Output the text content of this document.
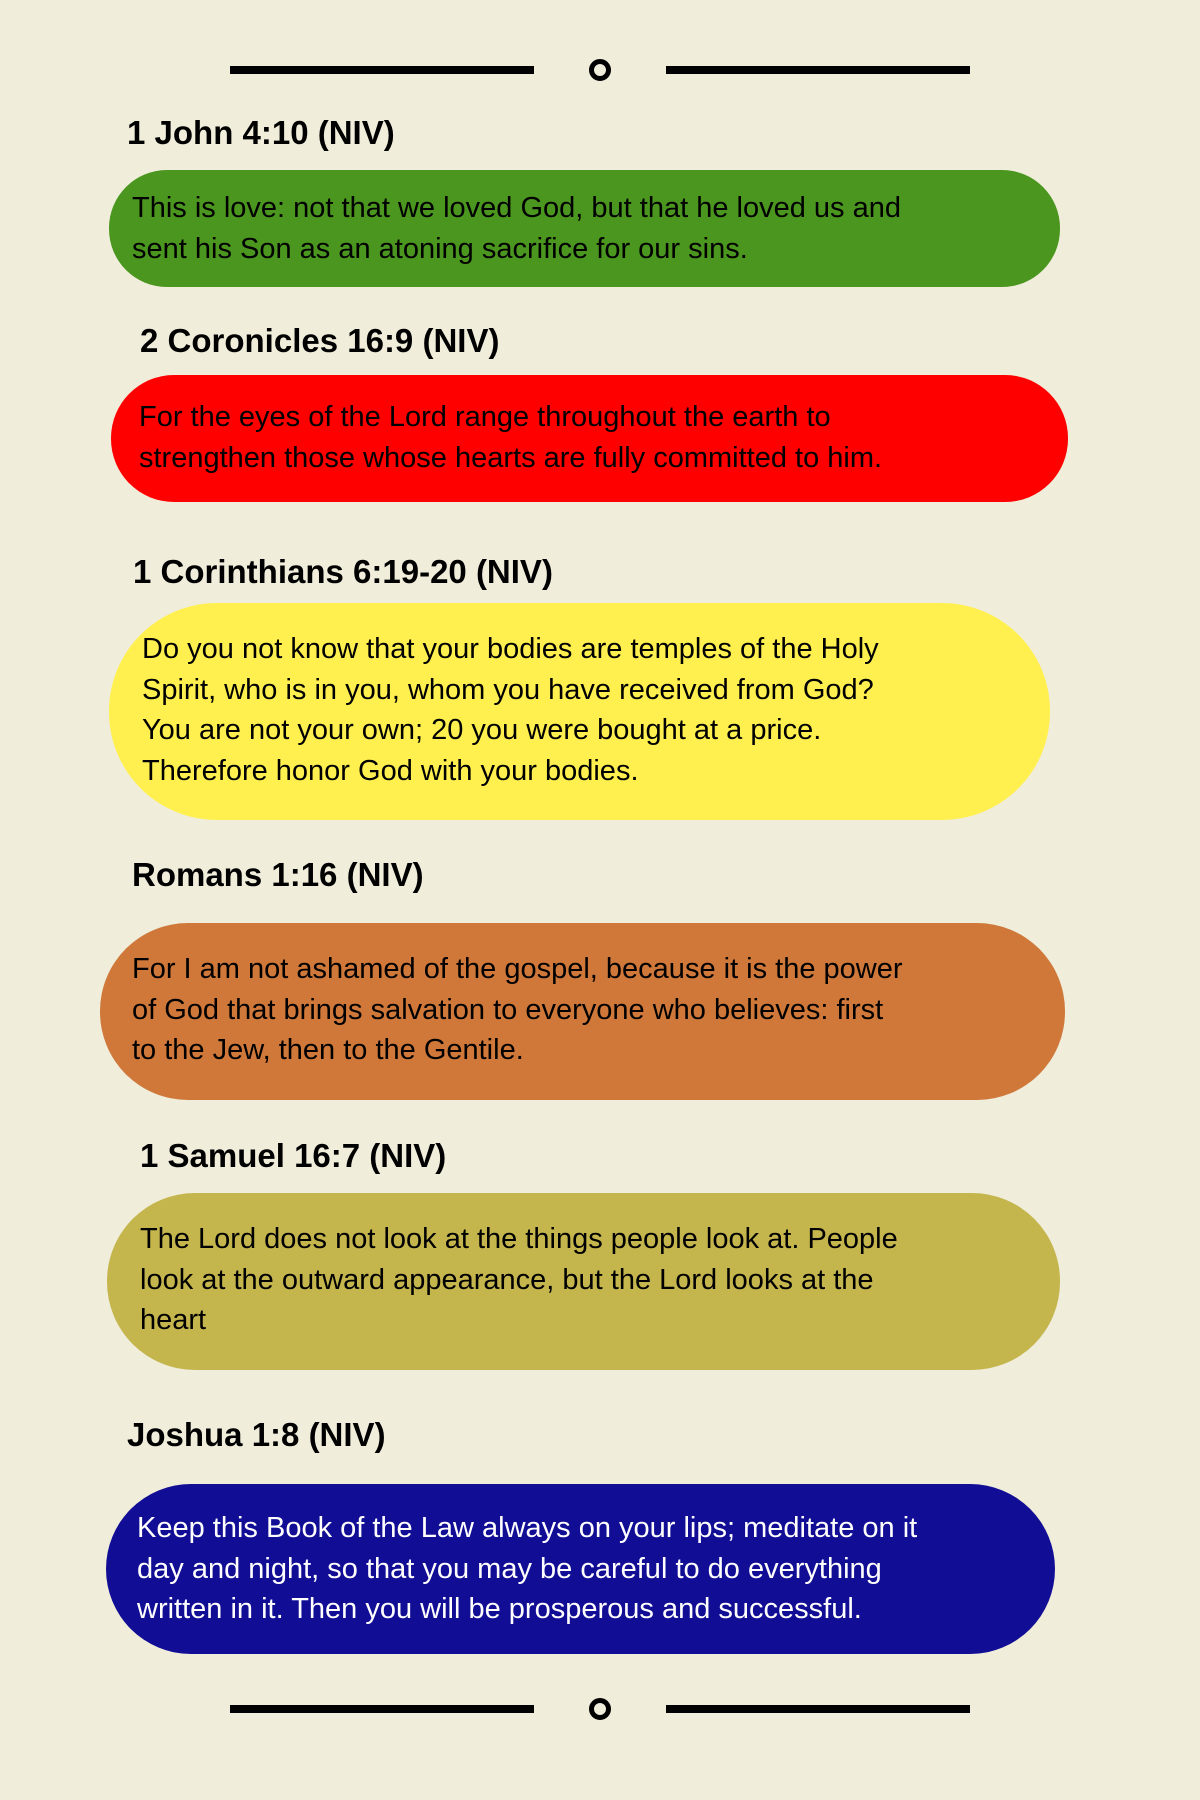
1 John 4:10 (NIV)
This is love: not that we loved God, but that he loved us and
sent his Son as an atoning sacrifice for our sins.
2 Coronicles 16:9 (NIV)
For the eyes of the Lord range throughout the earth to
strengthen those whose hearts are fully committed to him.
1 Corinthians 6:19-20 (NIV)
Do you not know that your bodies are temples of the Holy
Spirit, who is in you, whom you have received from God?
You are not your own; 20 you were bought at a price.
Therefore honor God with your bodies.
Romans 1:16 (NIV)
For I am not ashamed of the gospel, because it is the power
of God that brings salvation to everyone who believes: first
to the Jew, then to the Gentile.
1 Samuel 16:7 (NIV)
The Lord does not look at the things people look at. People
look at the outward appearance, but the Lord looks at the
heart
Joshua 1:8 (NIV)
Keep this Book of the Law always on your lips; meditate on it
day and night, so that you may be careful to do everything
written in it. Then you will be prosperous and successful.
